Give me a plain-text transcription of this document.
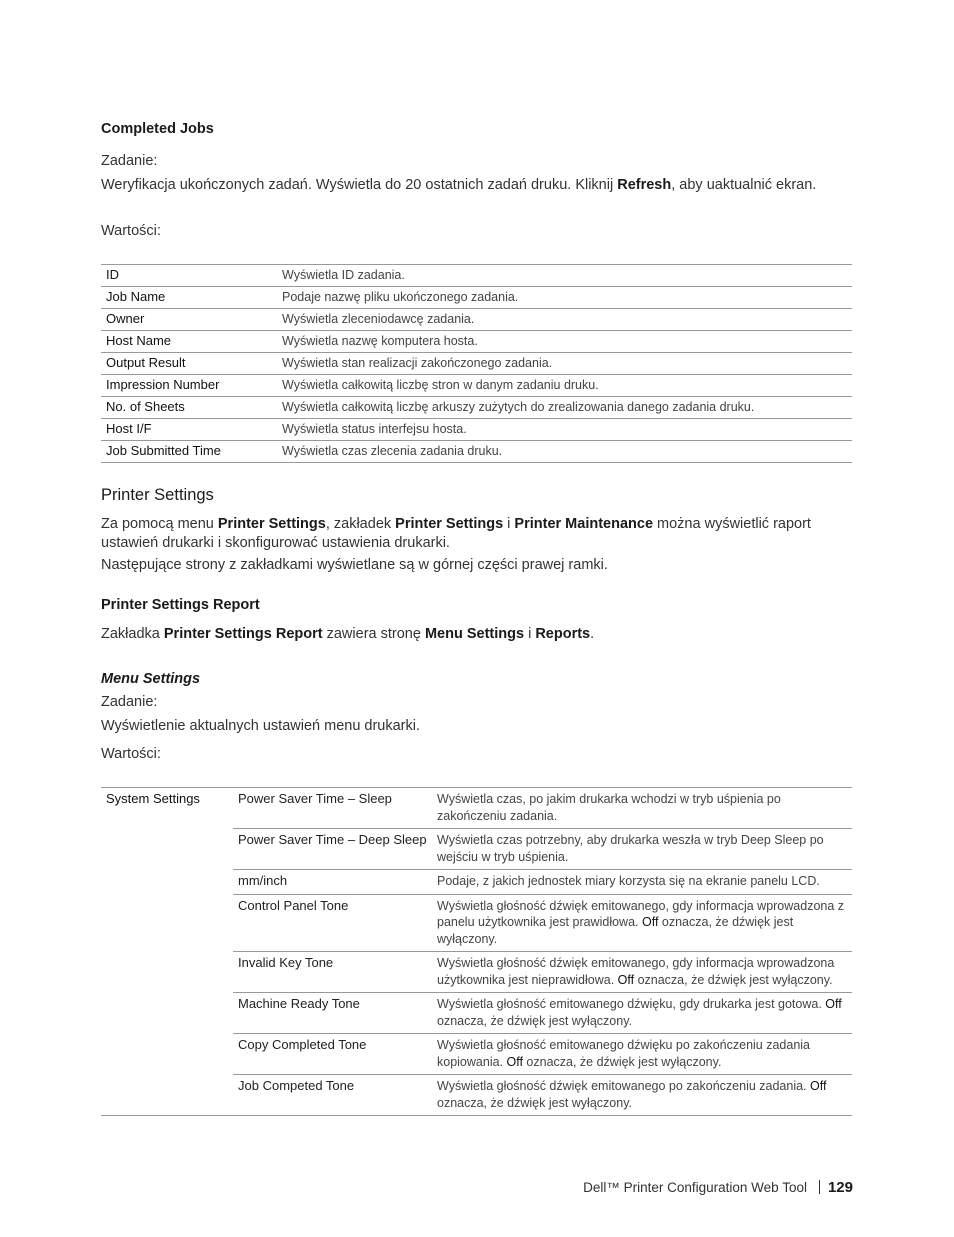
Completed Jobs
Zadanie:
Weryfikacja ukończonych zadań. Wyświetla do 20 ostatnich zadań druku. Kliknij Refresh, aby uaktualnić ekran.
Wartości:
ID	Wyświetla ID zadania.
Job Name	Podaje nazwę pliku ukończonego zadania.
Owner	Wyświetla zleceniodawcę zadania.
Host Name	Wyświetla nazwę komputera hosta.
Output Result	Wyświetla stan realizacji zakończonego zadania.
Impression Number	Wyświetla całkowitą liczbę stron w danym zadaniu druku.
No. of Sheets	Wyświetla całkowitą liczbę arkuszy zużytych do zrealizowania danego zadania druku.
Host I/F	Wyświetla status interfejsu hosta.
Job Submitted Time	Wyświetla czas zlecenia zadania druku.
Printer Settings
Za pomocą menu Printer Settings, zakładek Printer Settings i Printer Maintenance można wyświetlić raport ustawień drukarki i skonfigurować ustawienia drukarki.
Następujące strony z zakładkami wyświetlane są w górnej części prawej ramki.
Printer Settings Report
Zakładka Printer Settings Report zawiera stronę Menu Settings i Reports.
Menu Settings
Zadanie:
Wyświetlenie aktualnych ustawień menu drukarki.
Wartości:
System Settings	Power Saver Time – Sleep	Wyświetla czas, po jakim drukarka wchodzi w tryb uśpienia po zakończeniu zadania.
	Power Saver Time – Deep Sleep	Wyświetla czas potrzebny, aby drukarka weszła w tryb Deep Sleep po wejściu w tryb uśpienia.
	mm/inch	Podaje, z jakich jednostek miary korzysta się na ekranie panelu LCD.
	Control Panel Tone	Wyświetla głośność dźwięk emitowanego, gdy informacja wprowadzona z panelu użytkownika jest prawidłowa. Off oznacza, że dźwięk jest wyłączony.
	Invalid Key Tone	Wyświetla głośność dźwięk emitowanego, gdy informacja wprowadzona użytkownika jest nieprawidłowa. Off oznacza, że dźwięk jest wyłączony.
	Machine Ready Tone	Wyświetla głośność emitowanego dźwięku, gdy drukarka jest gotowa. Off oznacza, że dźwięk jest wyłączony.
	Copy Completed Tone	Wyświetla głośność emitowanego dźwięku po zakończeniu zadania kopiowania. Off oznacza, że dźwięk jest wyłączony.
	Job Competed Tone	Wyświetla głośność dźwięk emitowanego po zakończeniu zadania. Off oznacza, że dźwięk jest wyłączony.
Dell™ Printer Configuration Web Tool 129
